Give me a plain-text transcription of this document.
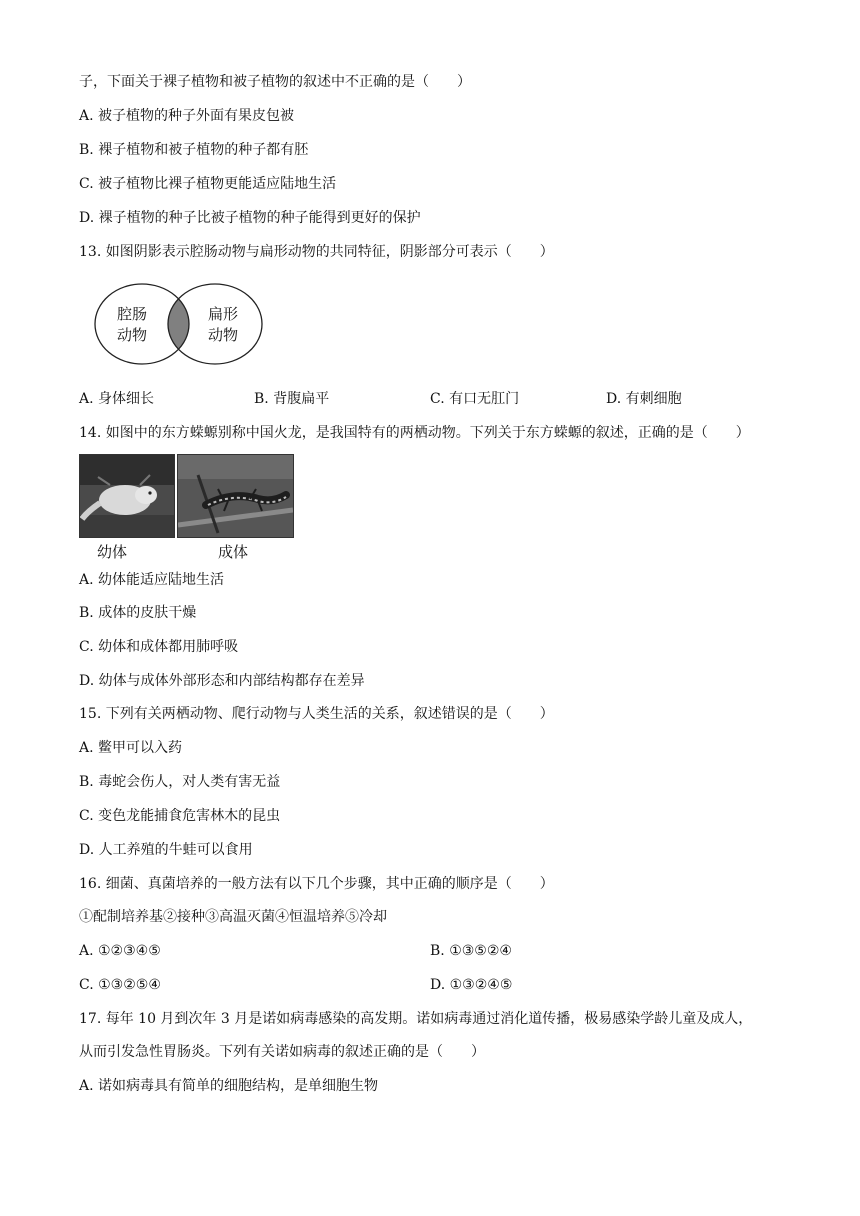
子，下面关于裸子植物和被子植物的叙述中不正确的是（　　）
A. 被子植物的种子外面有果皮包被
B. 裸子植物和被子植物的种子都有胚
C. 被子植物比裸子植物更能适应陆地生活
D. 裸子植物的种子比被子植物的种子能得到更好的保护
13. 如图阴影表示腔肠动物与扁形动物的共同特征，阴影部分可表示（　　）
腔肠
动物
扁形
动物
A. 身体细长	B. 背腹扁平	C. 有口无肛门	D. 有刺细胞
14. 如图中的东方蝾螈别称中国火龙，是我国特有的两栖动物。下列关于东方蝾螈的叙述，正确的是（　　）
幼体	成体
A. 幼体能适应陆地生活
B. 成体的皮肤干燥
C. 幼体和成体都用肺呼吸
D. 幼体与成体外部形态和内部结构都存在差异
15. 下列有关两栖动物、爬行动物与人类生活的关系，叙述错误的是（　　）
A. 鳖甲可以入药
B. 毒蛇会伤人，对人类有害无益
C. 变色龙能捕食危害林木的昆虫
D. 人工养殖的牛蛙可以食用
16. 细菌、真菌培养的一般方法有以下几个步骤，其中正确的顺序是（　　）
①配制培养基②接种③高温灭菌④恒温培养⑤冷却
A. ①②③④⑤	B. ①③⑤②④
C. ①③②⑤④	D. ①③②④⑤
17. 每年 10 月到次年 3 月是诺如病毒感染的高发期。诺如病毒通过消化道传播，极易感染学龄儿童及成人，
从而引发急性胃肠炎。下列有关诺如病毒的叙述正确的是（　　）
A. 诺如病毒具有简单的细胞结构，是单细胞生物
